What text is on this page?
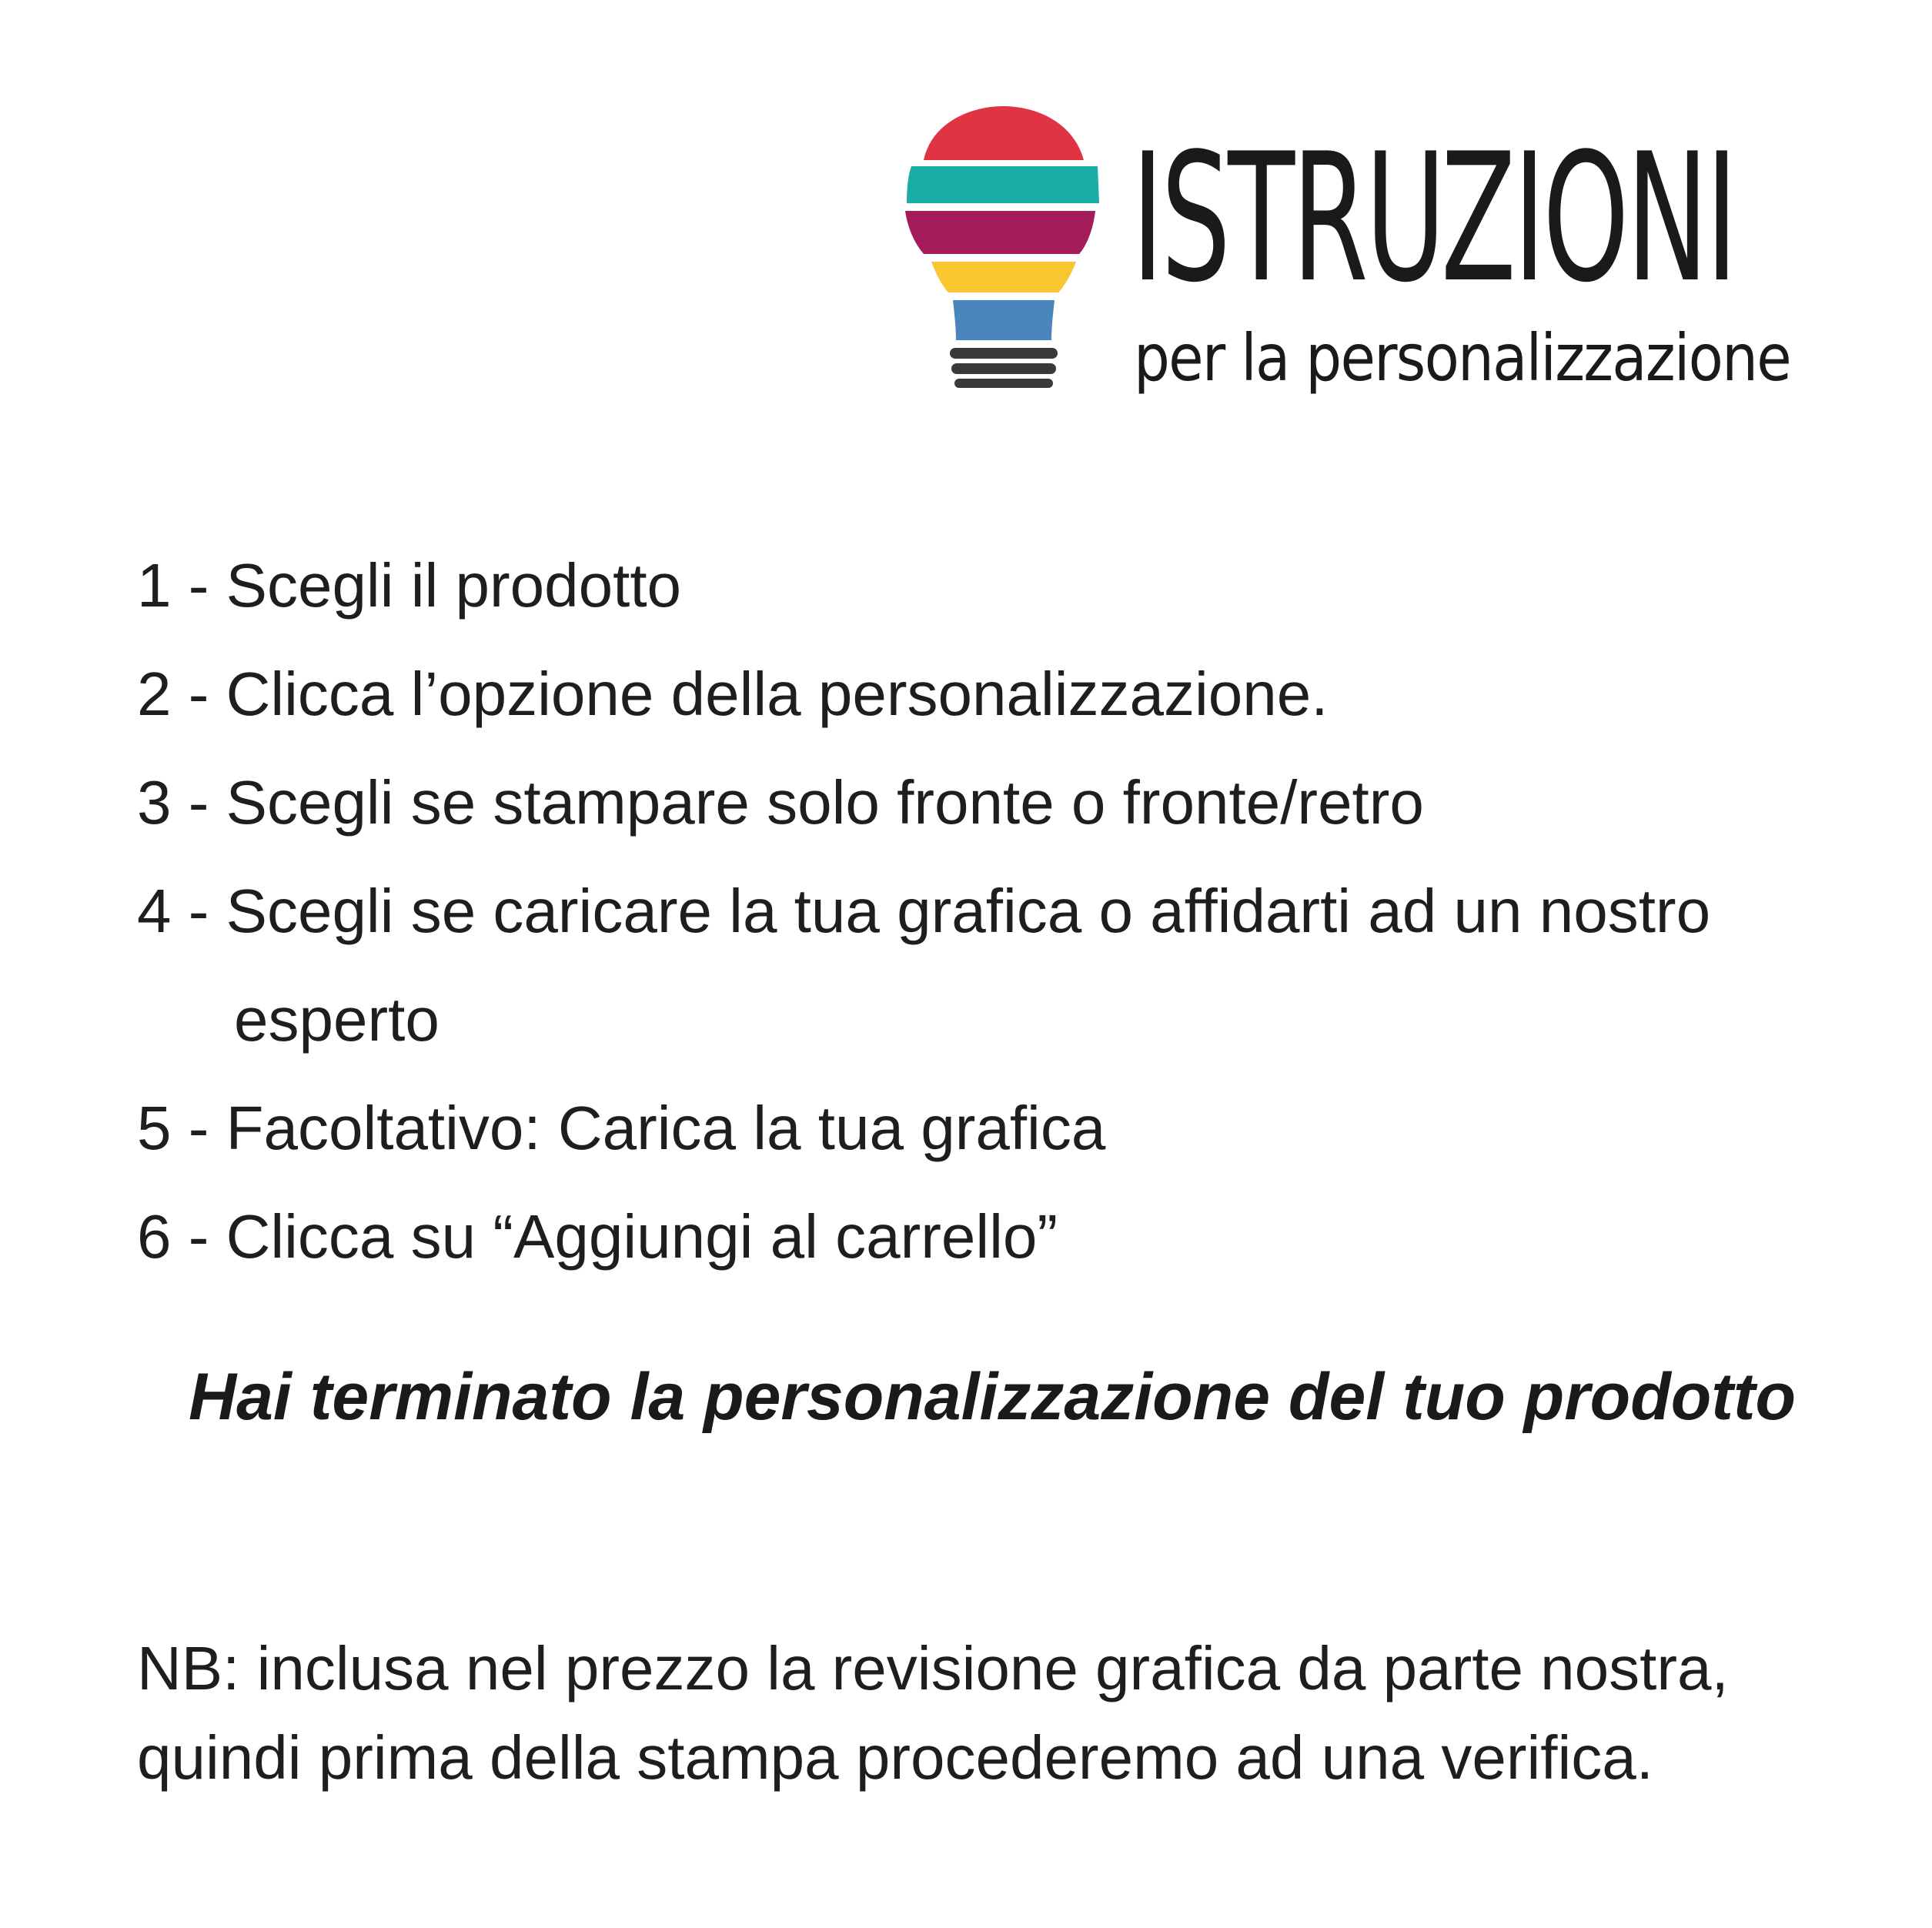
ISTRUZIONI
per la personalizzazione
1 - Scegli il prodotto
2 - Clicca l’opzione della personalizzazione.
3 - Scegli se stampare solo fronte o fronte/retro
4 - Scegli se caricare la tua grafica o affidarti ad un nostro
esperto
5 - Facoltativo: Carica la tua grafica
6 - Clicca su “Aggiungi al carrello”
Hai terminato la personalizzazione del tuo prodotto
NB: inclusa nel prezzo la revisione grafica da parte nostra,
quindi prima della stampa procederemo ad una verifica.
